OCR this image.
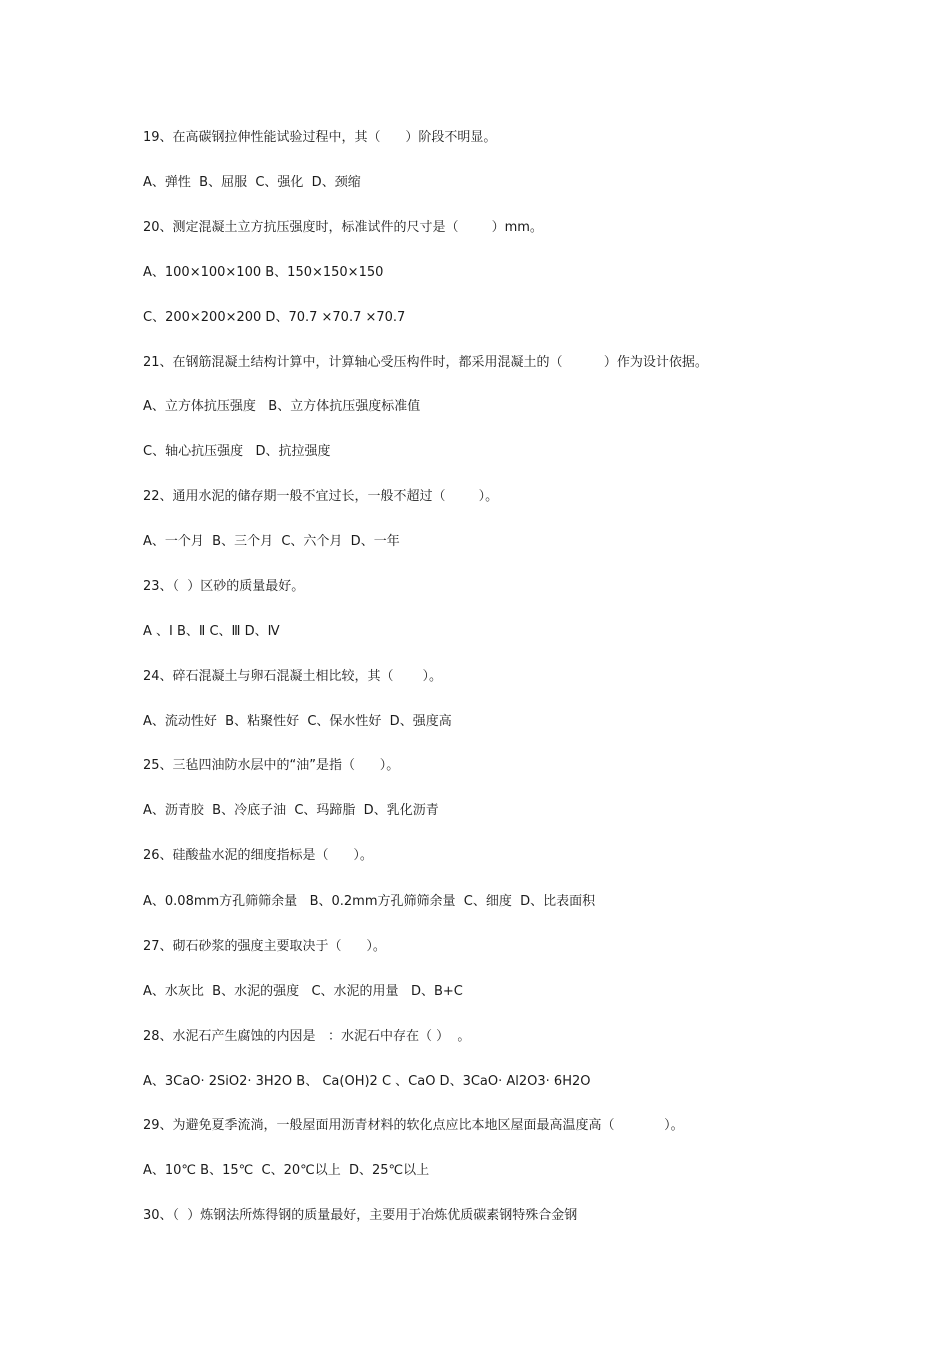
19、在高碳钢拉伸性能试验过程中，其（      ）阶段不明显。
A、弹性  B、屈服  C、强化  D、颈缩
20、测定混凝土立方抗压强度时，标准试件的尺寸是（        ）mm。
A、100×100×100 B、150×150×150
C、200×200×200 D、70.7 ×70.7 ×70.7
21、在钢筋混凝土结构计算中，计算轴心受压构件时，都采用混凝土的（          ）作为设计依据。
A、立方体抗压强度   B、立方体抗压强度标准值
C、轴心抗压强度   D、抗拉强度
22、通用水泥的储存期一般不宜过长，一般不超过（        ）。
A、一个月  B、三个月  C、六个月  D、一年
23、（  ）区砂的质量最好。
A 、Ⅰ B、Ⅱ C、Ⅲ D、Ⅳ
24、碎石混凝土与卵石混凝土相比较，其（       ）。
A、流动性好  B、粘聚性好  C、保水性好  D、强度高
25、三毡四油防水层中的“油”是指（      ）。
A、沥青胶  B、冷底子油  C、玛蹄脂  D、乳化沥青
26、硅酸盐水泥的细度指标是（      ）。
A、0.08mm方孔筛筛余量   B、0.2mm方孔筛筛余量  C、细度  D、比表面积
27、砌石砂浆的强度主要取决于（      ）。
A、水灰比  B、水泥的强度   C、水泥的用量   D、B+C
28、水泥石产生腐蚀的内因是   ：水泥石中存在（ ）  。
A、3CaO· 2SiO2· 3H2O B、 Ca(OH)2 C 、CaO D、3CaO· Al2O3· 6H2O
29、为避免夏季流淌，一般屋面用沥青材料的软化点应比本地区屋面最高温度高（            ）。
A、10℃ B、15℃  C、20℃以上  D、25℃以上
30、（  ）炼钢法所炼得钢的质量最好，主要用于冶炼优质碳素钢特殊合金钢
